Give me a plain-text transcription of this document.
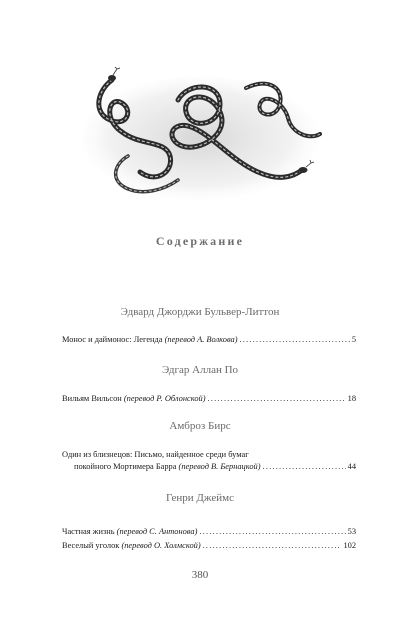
Содержание
Эдвард Джорджи Бульвер-Литтон
Монос и даймонос: Легенда
(перевод А. Волкова) .....	5
Эдгар Аллан По
Вильям Вильсон
(перевод Р. Облонской) .....	18
Амброз Бирс
Один из близнецов: Письмо, найденное среди бумаг
покойного Мортимера Барра
(перевод В. Бернацкой) .....	44
Генри Джеймс
Частная жизнь
(перевод С. Антонова) .....	53
Веселый уголок
(перевод О. Холмской) .....	102
380
